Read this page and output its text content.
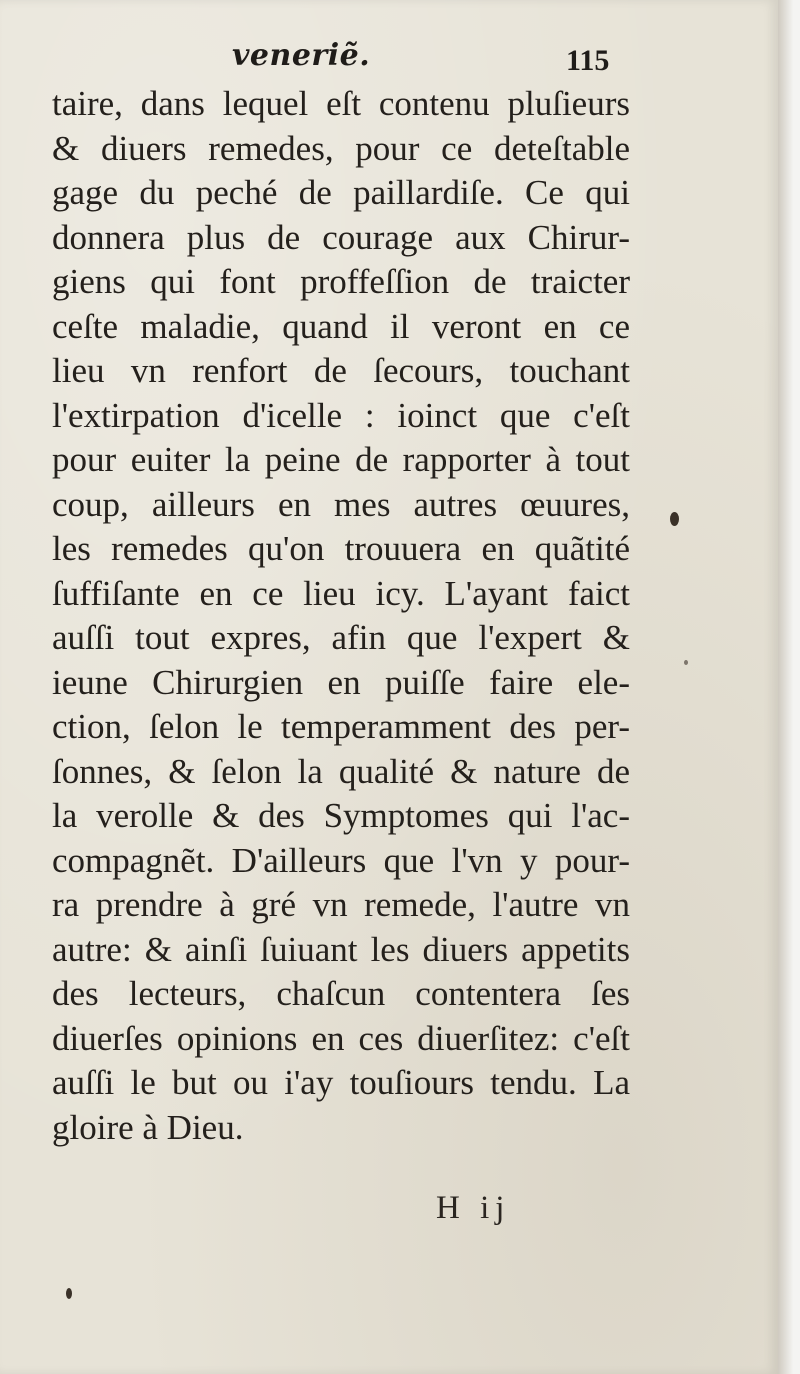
veneriẽ.	115
taire, dans lequel eſt contenu pluſieurs
& diuers remedes, pour ce deteſtable
gage du peché de paillardiſe. Ce qui
donnera plus de courage aux Chirur-
giens qui font proffeſſion de traicter
ceſte maladie, quand il veront en ce
lieu vn renfort de ſecours, touchant
l'extirpation d'icelle : ioinct que c'eſt
pour euiter la peine de rapporter à tout
coup, ailleurs en mes autres œuures,
les remedes qu'on trouuera en quãtité
ſuffiſante en ce lieu icy. L'ayant faict
auſſi tout expres, afin que l'expert &
ieune Chirurgien en puiſſe faire ele-
ction, ſelon le temperamment des per-
ſonnes, & ſelon la qualité & nature de
la verolle & des Symptomes qui l'ac-
compagnẽt. D'ailleurs que l'vn y pour-
ra prendre à gré vn remede, l'autre vn
autre: & ainſi ſuiuant les diuers appetits
des lecteurs, chaſcun contentera ſes
diuerſes opinions en ces diuerſitez: c'eſt
auſſi le but ou i'ay touſiours tendu. La
gloire à Dieu.
H ij
